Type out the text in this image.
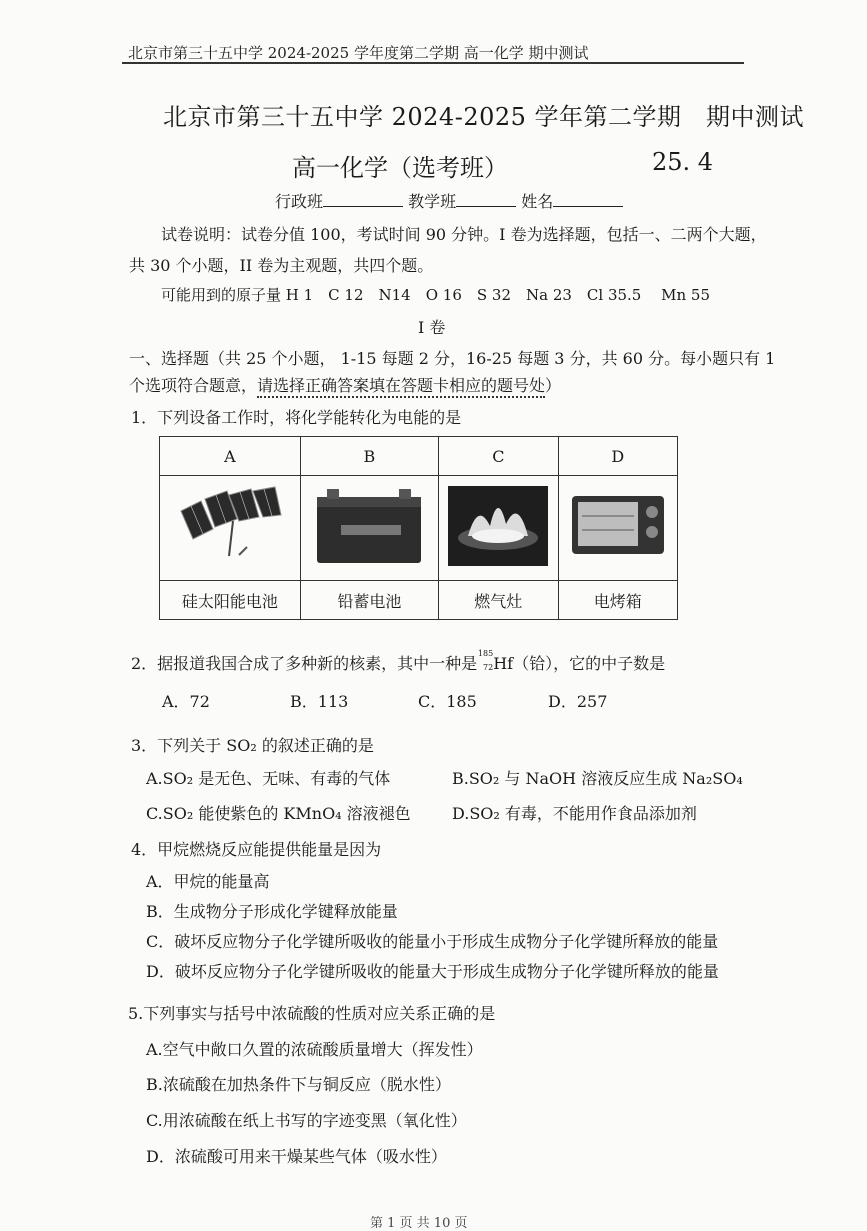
北京市第三十五中学 2024-2025 学年度第二学期 高一化学 期中测试
北京市第三十五中学 2024-2025 学年第二学期　期中测试
高一化学（选考班）	25. 4
行政班	教学班	姓名
试卷说明：试卷分值 100，考试时间 90 分钟。I 卷为选择题，包括一、二两个大题，
共 30 个小题，II 卷为主观题，共四个题。
可能用到的原子量 H 1　C 12　N14　O 16　S 32　Na 23　Cl 35.5　 Mn 55
I 卷
一、选择题（共 25 个小题， 1-15 每题 2 分，16-25 每题 3 分，共 60 分。每小题只有 1
个选项符合题意，请选择正确答案填在答题卡相应的题号处）
1．下列设备工作时，将化学能转化为电能的是
A	B	C	D

硅太阳能电池	铅蓄电池	燃气灶	电烤箱
2．据报道我国合成了多种新的核素，其中一种是
185
72 Hf（铪），它的中子数是
A．72	B．113	C．185	D．257
3．下列关于 SO₂ 的叙述正确的是
A.SO₂ 是无色、无味、有毒的气体	B.SO₂ 与 NaOH 溶液反应生成 Na₂SO₄
C.SO₂ 能使紫色的 KMnO₄ 溶液褪色	D.SO₂ 有毒，不能用作食品添加剂
4．甲烷燃烧反应能提供能量是因为
A．甲烷的能量高
B．生成物分子形成化学键释放能量
C．破坏反应物分子化学键所吸收的能量小于形成生成物分子化学键所释放的能量
D．破坏反应物分子化学键所吸收的能量大于形成生成物分子化学键所释放的能量
5.下列事实与括号中浓硫酸的性质对应关系正确的是
A.空气中敞口久置的浓硫酸质量增大（挥发性）
B.浓硫酸在加热条件下与铜反应（脱水性）
C.用浓硫酸在纸上书写的字迹变黑（氧化性）
D．浓硫酸可用来干燥某些气体（吸水性）
第 1 页 共 10 页
